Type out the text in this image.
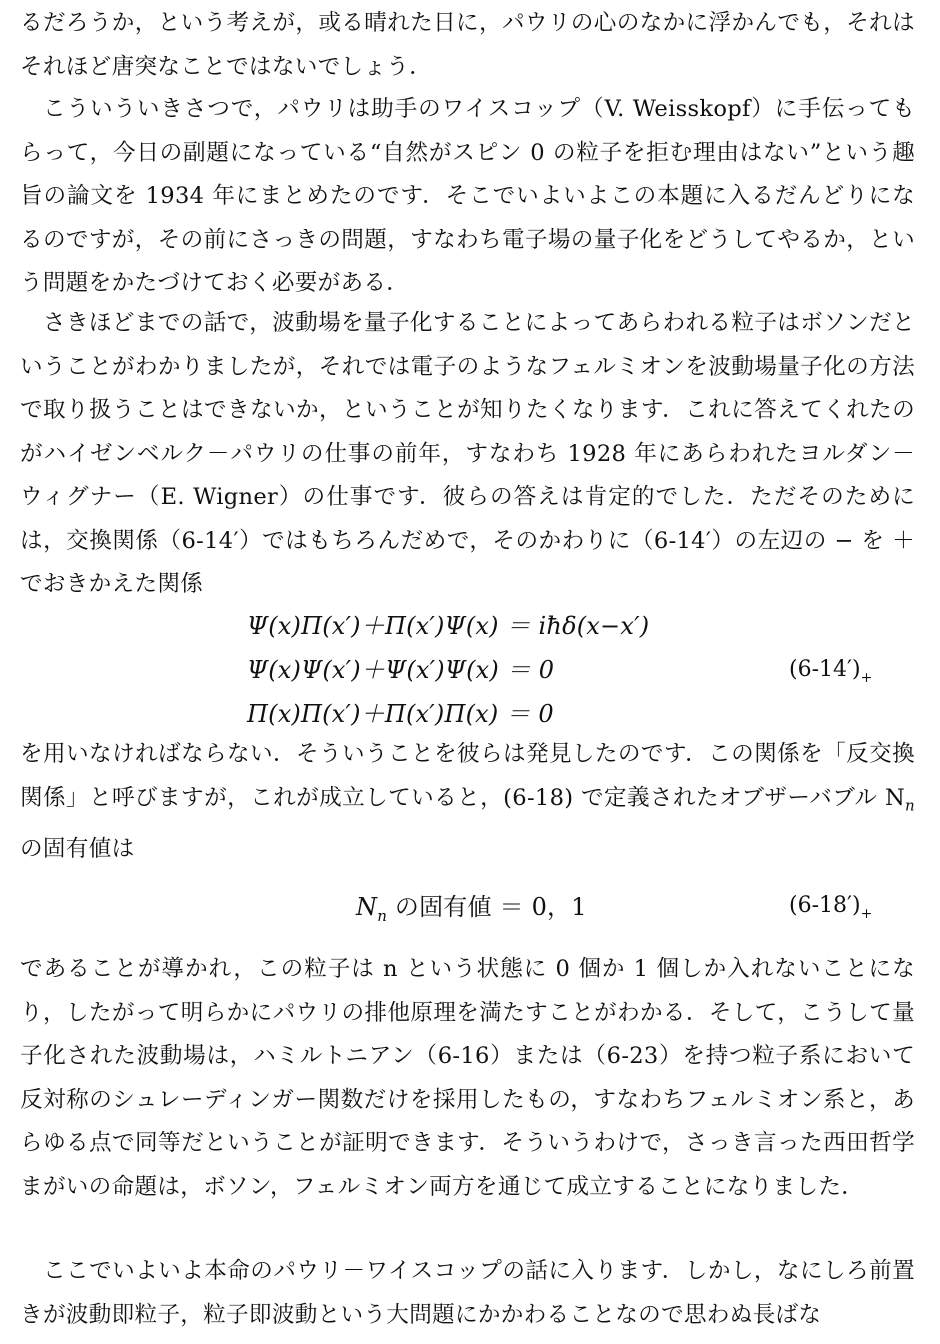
るだろうか，という考えが，或る晴れた日に，パウリの心のなかに浮かんでも，それはそれほど唐突なことではないでしょう．

こういういきさつで，パウリは助手のワイスコップ（V. Weisskopf）に手伝ってもらって，今日の副題になっている“自然がスピン 0 の粒子を拒む理由はない”という趣旨の論文を 1934 年にまとめたのです．そこでいよいよこの本題に入るだんどりになるのですが，その前にさっきの問題，すなわち電子場の量子化をどうしてやるか，という問題をかたづけておく必要がある．

さきほどまでの話で，波動場を量子化することによってあらわれる粒子はボソンだということがわかりましたが，それでは電子のようなフェルミオンを波動場量子化の方法で取り扱うことはできないか，ということが知りたくなります．これに答えてくれたのがハイゼンベルク－パウリの仕事の前年，すなわち 1928 年にあらわれたヨルダン－ウィグナー（E. Wigner）の仕事です．彼らの答えは肯定的でした．ただそのためには，交換関係（6-14′）ではもちろんだめで，そのかわりに（6-14′）の左辺の − を ＋ でおきかえた関係

Ψ(x)Π(x′)＋Π(x′)Ψ(x) ＝ iħδ(x−x′)
Ψ(x)Ψ(x′)＋Ψ(x′)Ψ(x) ＝ 0
Π(x)Π(x′)＋Π(x′)Π(x) ＝ 0
$(6-14')_+$

を用いなければならない．そういうことを彼らは発見したのです．この関係を「反交換関係」と呼びますが，これが成立していると，(6-18) で定義されたオブザーバブル $N_n$ の固有値は

$N_n$ の固有値 ＝ 0，1	$(6-18')_+$

であることが導かれ，この粒子は n という状態に 0 個か 1 個しか入れないことになり，したがって明らかにパウリの排他原理を満たすことがわかる．そして，こうして量子化された波動場は，ハミルトニアン（6-16）または（6-23）を持つ粒子系において反対称のシュレーディンガー関数だけを採用したもの，すなわちフェルミオン系と，あらゆる点で同等だということが証明できます．そういうわけで，さっき言った西田哲学まがいの命題は，ボソン，フェルミオン両方を通じて成立することになりました．

ここでいよいよ本命のパウリ－ワイスコップの話に入ります．しかし，なにしろ前置きが波動即粒子，粒子即波動という大問題にかかわることなので思わぬ長ばな
